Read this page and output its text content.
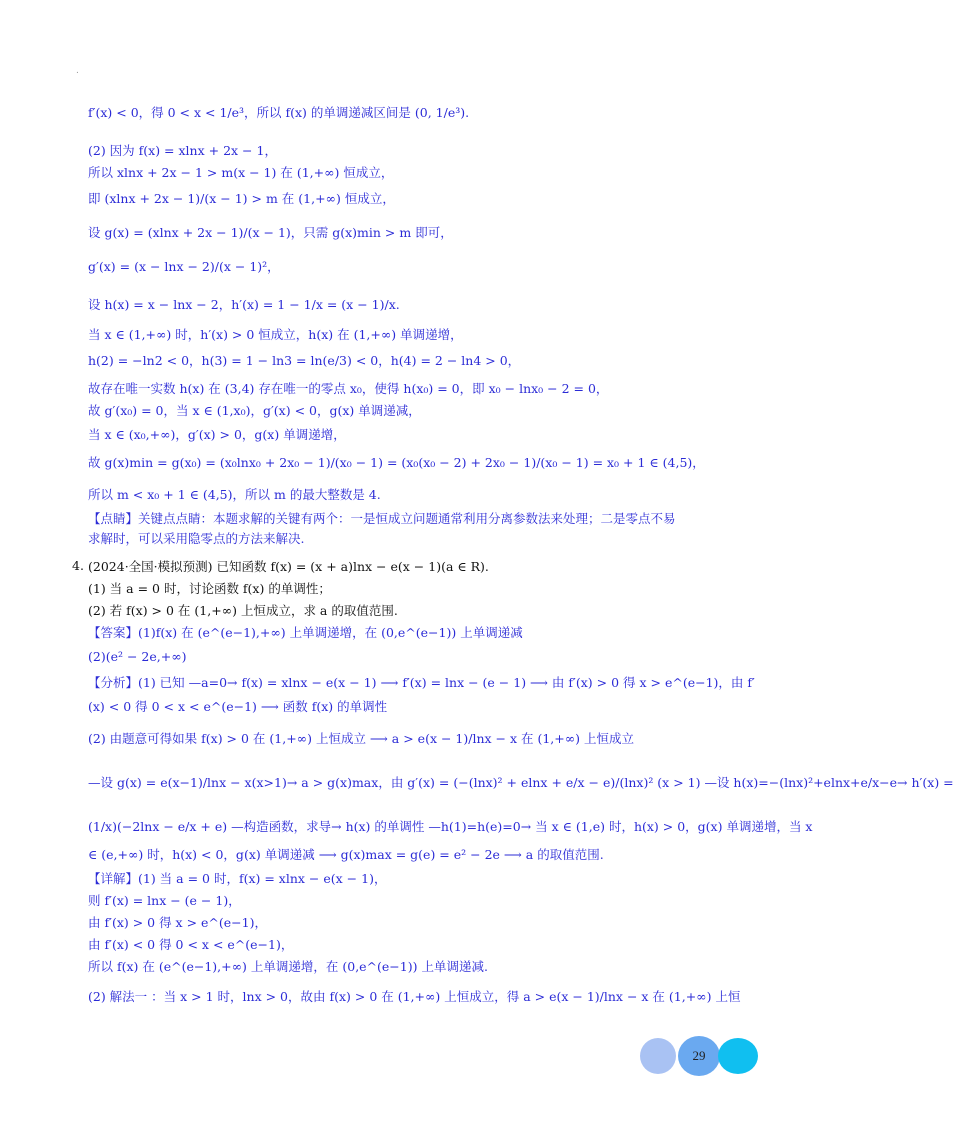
.
f′(x) < 0，得 0 < x < 1/e³，所以 f(x) 的单调递减区间是 (0, 1/e³).
(2) 因为 f(x) = xlnx + 2x − 1，
所以 xlnx + 2x − 1 > m(x − 1) 在 (1,+∞) 恒成立，
即 (xlnx + 2x − 1)/(x − 1) > m 在 (1,+∞) 恒成立，
设 g(x) = (xlnx + 2x − 1)/(x − 1)，只需 g(x)min > m 即可，
g′(x) = (x − lnx − 2)/(x − 1)²，
设 h(x) = x − lnx − 2，h′(x) = 1 − 1/x = (x − 1)/x.
当 x ∈ (1,+∞) 时，h′(x) > 0 恒成立，h(x) 在 (1,+∞) 单调递增，
h(2) = −ln2 < 0，h(3) = 1 − ln3 = ln(e/3) < 0，h(4) = 2 − ln4 > 0，
故存在唯一实数 h(x) 在 (3,4) 存在唯一的零点 x₀，使得 h(x₀) = 0，即 x₀ − lnx₀ − 2 = 0，
故 g′(x₀) = 0，当 x ∈ (1,x₀)，g′(x) < 0，g(x) 单调递减，
当 x ∈ (x₀,+∞)，g′(x) > 0，g(x) 单调递增，
故 g(x)min = g(x₀) = (x₀lnx₀ + 2x₀ − 1)/(x₀ − 1) = (x₀(x₀ − 2) + 2x₀ − 1)/(x₀ − 1) = x₀ + 1 ∈ (4,5)，
所以 m < x₀ + 1 ∈ (4,5)，所以 m 的最大整数是 4.
【点睛】关键点点睛：本题求解的关键有两个：一是恒成立问题通常利用分离参数法来处理；二是零点不易
求解时，可以采用隐零点的方法来解决.
4. (2024·全国·模拟预测) 已知函数 f(x) = (x + a)lnx − e(x − 1)(a ∈ R).
(1) 当 a = 0 时，讨论函数 f(x) 的单调性；
(2) 若 f(x) > 0 在 (1,+∞) 上恒成立，求 a 的取值范围.
【答案】(1)f(x) 在 (e^(e−1),+∞) 上单调递增，在 (0,e^(e−1)) 上单调递减
(2)(e² − 2e,+∞)
【分析】(1) 已知 —a=0→ f(x) = xlnx − e(x − 1) ⟶ f′(x) = lnx − (e − 1) ⟶ 由 f′(x) > 0 得 x > e^(e−1)，由 f′
(x) < 0 得 0 < x < e^(e−1) ⟶ 函数 f(x) 的单调性
(2) 由题意可得如果 f(x) > 0 在 (1,+∞) 上恒成立 ⟶ a > e(x − 1)/lnx − x 在 (1,+∞) 上恒成立
—设 g(x) = e(x−1)/lnx − x(x>1)→ a > g(x)max，由 g′(x) = (−(lnx)² + elnx + e/x − e)/(lnx)² (x > 1) —设 h(x)=−(lnx)²+elnx+e/x−e→ h′(x) =
(1/x)(−2lnx − e/x + e) —构造函数，求导→ h(x) 的单调性 —h(1)=h(e)=0→ 当 x ∈ (1,e) 时，h(x) > 0，g(x) 单调递增，当 x
∈ (e,+∞) 时，h(x) < 0，g(x) 单调递减 ⟶ g(x)max = g(e) = e² − 2e ⟶ a 的取值范围.
【详解】(1) 当 a = 0 时，f(x) = xlnx − e(x − 1)，
则 f′(x) = lnx − (e − 1)，
由 f′(x) > 0 得 x > e^(e−1)，
由 f′(x) < 0 得 0 < x < e^(e−1)，
所以 f(x) 在 (e^(e−1),+∞) 上单调递增，在 (0,e^(e−1)) 上单调递减.
(2) 解法一 ：当 x > 1 时，lnx > 0，故由 f(x) > 0 在 (1,+∞) 上恒成立，得 a > e(x − 1)/lnx − x 在 (1,+∞) 上恒
29
